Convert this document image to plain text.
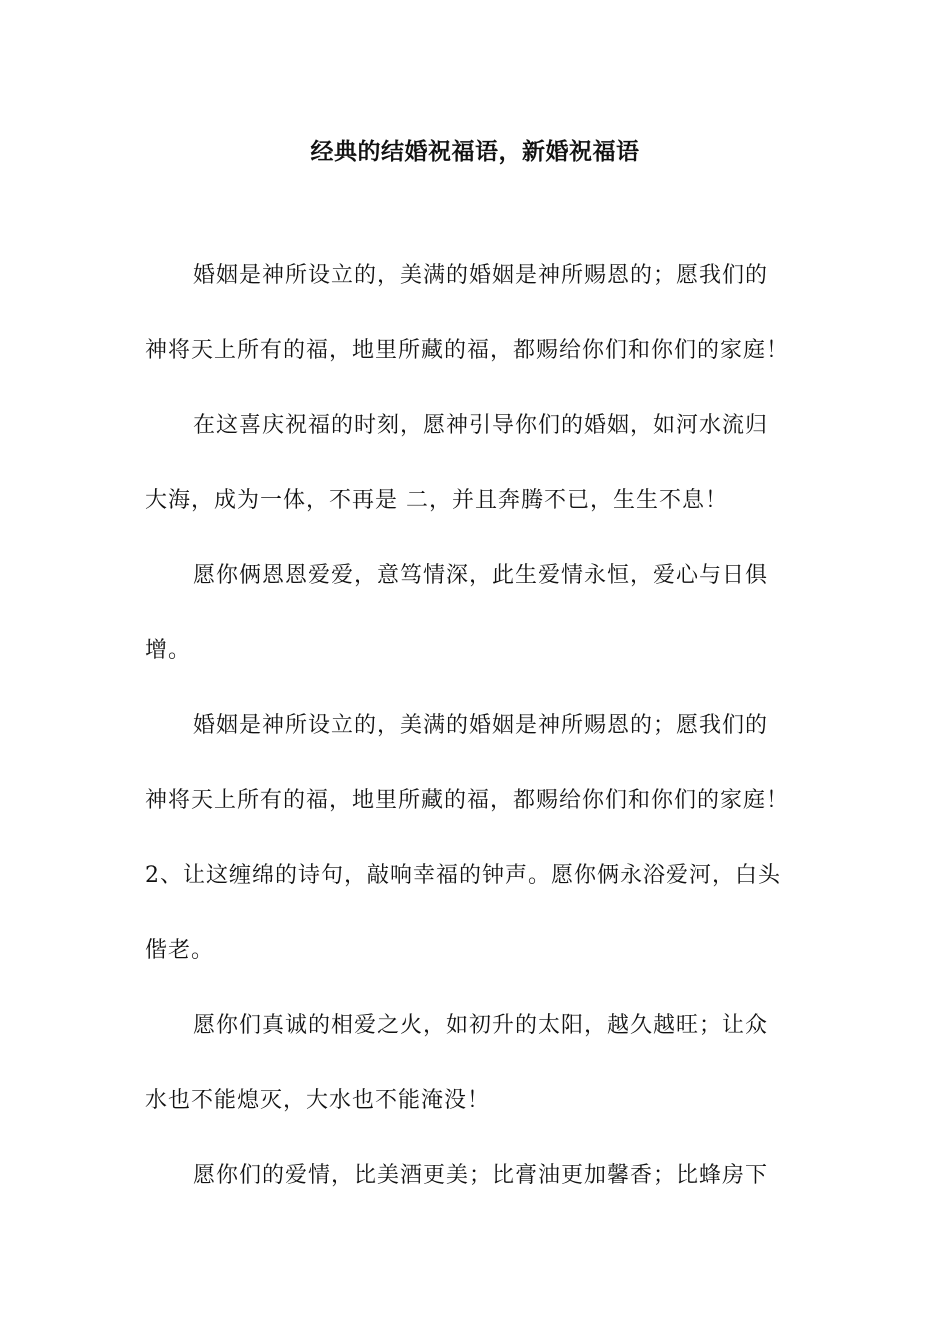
经典的结婚祝福语，新婚祝福语
婚姻是神所设立的，美满的婚姻是神所赐恩的；愿我们的
神将天上所有的福，地里所藏的福，都赐给你们和你们的家庭！
在这喜庆祝福的时刻，愿神引导你们的婚姻，如河水流归
大海，成为一体，不再是 二，并且奔腾不已，生生不息！
愿你俩恩恩爱爱，意笃情深，此生爱情永恒，爱心与日俱
增。
婚姻是神所设立的，美满的婚姻是神所赐恩的；愿我们的
神将天上所有的福，地里所藏的福，都赐给你们和你们的家庭！
2、让这缠绵的诗句，敲响幸福的钟声。愿你俩永浴爱河，白头
偕老。
愿你们真诚的相爱之火，如初升的太阳，越久越旺；让众
水也不能熄灭，大水也不能淹没！
愿你们的爱情，比美酒更美；比膏油更加馨香；比蜂房下
